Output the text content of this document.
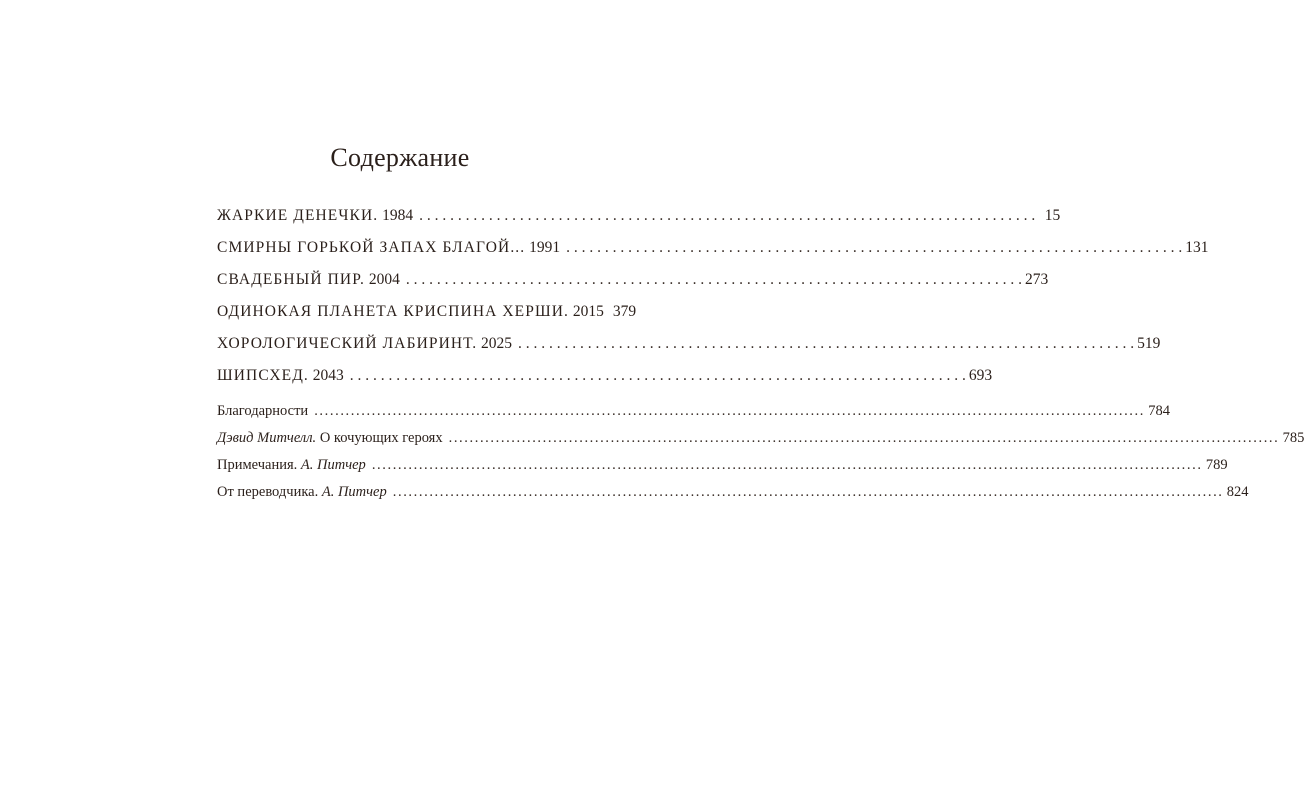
Содержание
ЖАРКИЕ ДЕНЕЧКИ. 1984 . . .	15
СМИРНЫ ГОРЬКОЙ ЗАПАХ БЛАГОЙ... 1991 . . .	131
СВАДЕБНЫЙ ПИР. 2004 . . .	273
ОДИНОКАЯ ПЛАНЕТА КРИСПИНА ХЕРШИ. 2015 379
ХОРОЛОГИЧЕСКИЙ ЛАБИРИНТ. 2025 . . .	519
ШИПСХЕД. 2043 . . .	693
Благодарности .....	784
Дэвид Митчелл. О кочующих героях .....	785
Примечания. А. Питчер .....	789
От переводчика. А. Питчер .....	824
